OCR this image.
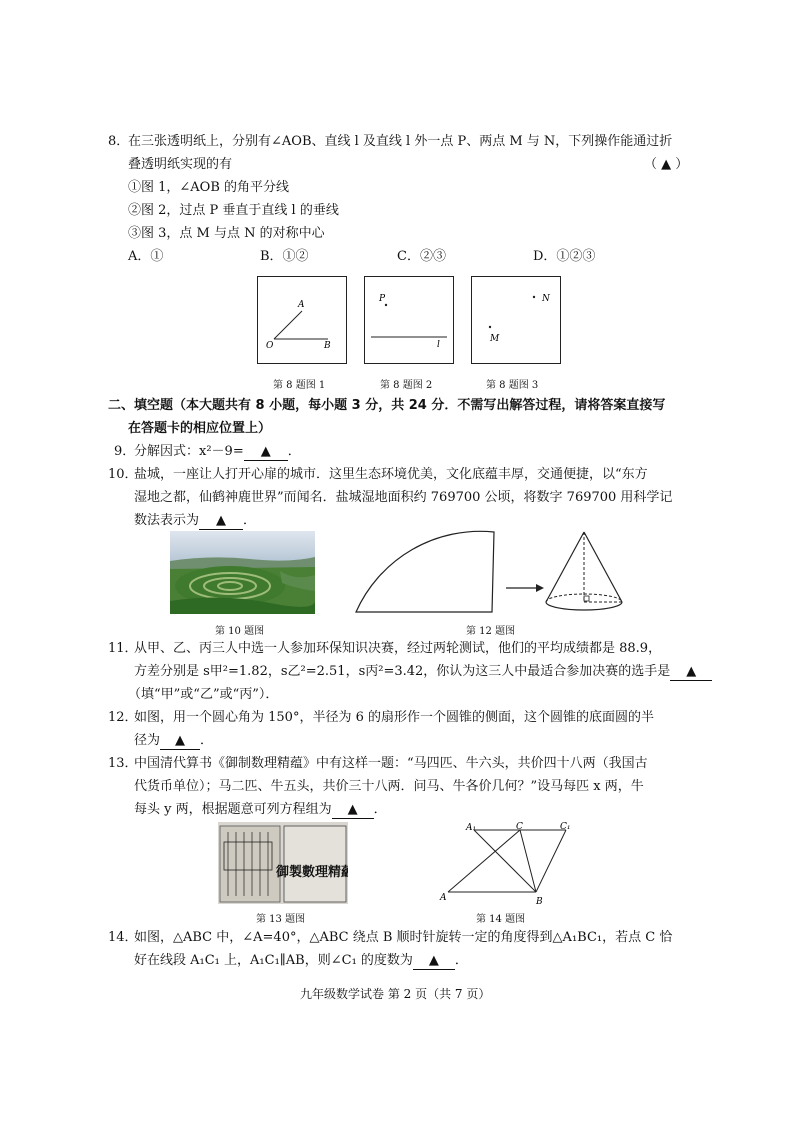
8．
在三张透明纸上，分别有∠AOB、直线 l 及直线 l 外一点 P、两点 M 与 N，下列操作能通过折
叠透明纸实现的有	（ ▲ ）
①图 1，∠AOB 的角平分线
②图 2，过点 P 垂直于直线 l 的垂线
③图 3，点 M 与点 N 的对称中心
A．①	B．①②	C．②③	D．①②③
A
O	B
第 8 题图 1
P
l
第 8 题图 2
N
M
第 8 题图 3
二、填空题（本大题共有 8 小题，每小题 3 分，共 24 分．不需写出解答过程，请将答案直接写
在答题卡的相应位置上）
9．
分解因式：x²－9= ▲ ．
10．
盐城，一座让人打开心扉的城市．这里生态环境优美，文化底蕴丰厚，交通便捷，以“东方
湿地之都，仙鹤神鹿世界”而闻名．盐城湿地面积约 769700 公顷，将数字 769700 用科学记
数法表示为 ▲ ．
第 10 题图	第 12 题图
11．
从甲、乙、丙三人中选一人参加环保知识决赛，经过两轮测试，他们的平均成绩都是 88.9，
方差分别是 s甲²=1.82，s乙²=2.51，s丙²=3.42，你认为这三人中最适合参加决赛的选手是 ▲
（填“甲”或“乙”或“丙”）．
12．
如图，用一个圆心角为 150°，半径为 6 的扇形作一个圆锥的侧面，这个圆锥的底面圆的半
径为 ▲ ．
13．
中国清代算书《御制数理精蕴》中有这样一题：“马四匹、牛六头，共价四十八两（我国古
代货币单位）；马二匹、牛五头，共价三十八两．问马、牛各价几何？”设马每匹 x 两，牛
每头 y 两，根据题意可列方程组为 ▲ ．
御製數理精蘊
第 13 题图
A₁	C	C₁
A	B
第 14 题图
14．
如图，△ABC 中，∠A=40°，△ABC 绕点 B 顺时针旋转一定的角度得到△A₁BC₁，若点 C 恰
好在线段 A₁C₁ 上，A₁C₁∥AB，则∠C₁ 的度数为 ▲ ．
九年级数学试卷 第 2 页（共 7 页）
